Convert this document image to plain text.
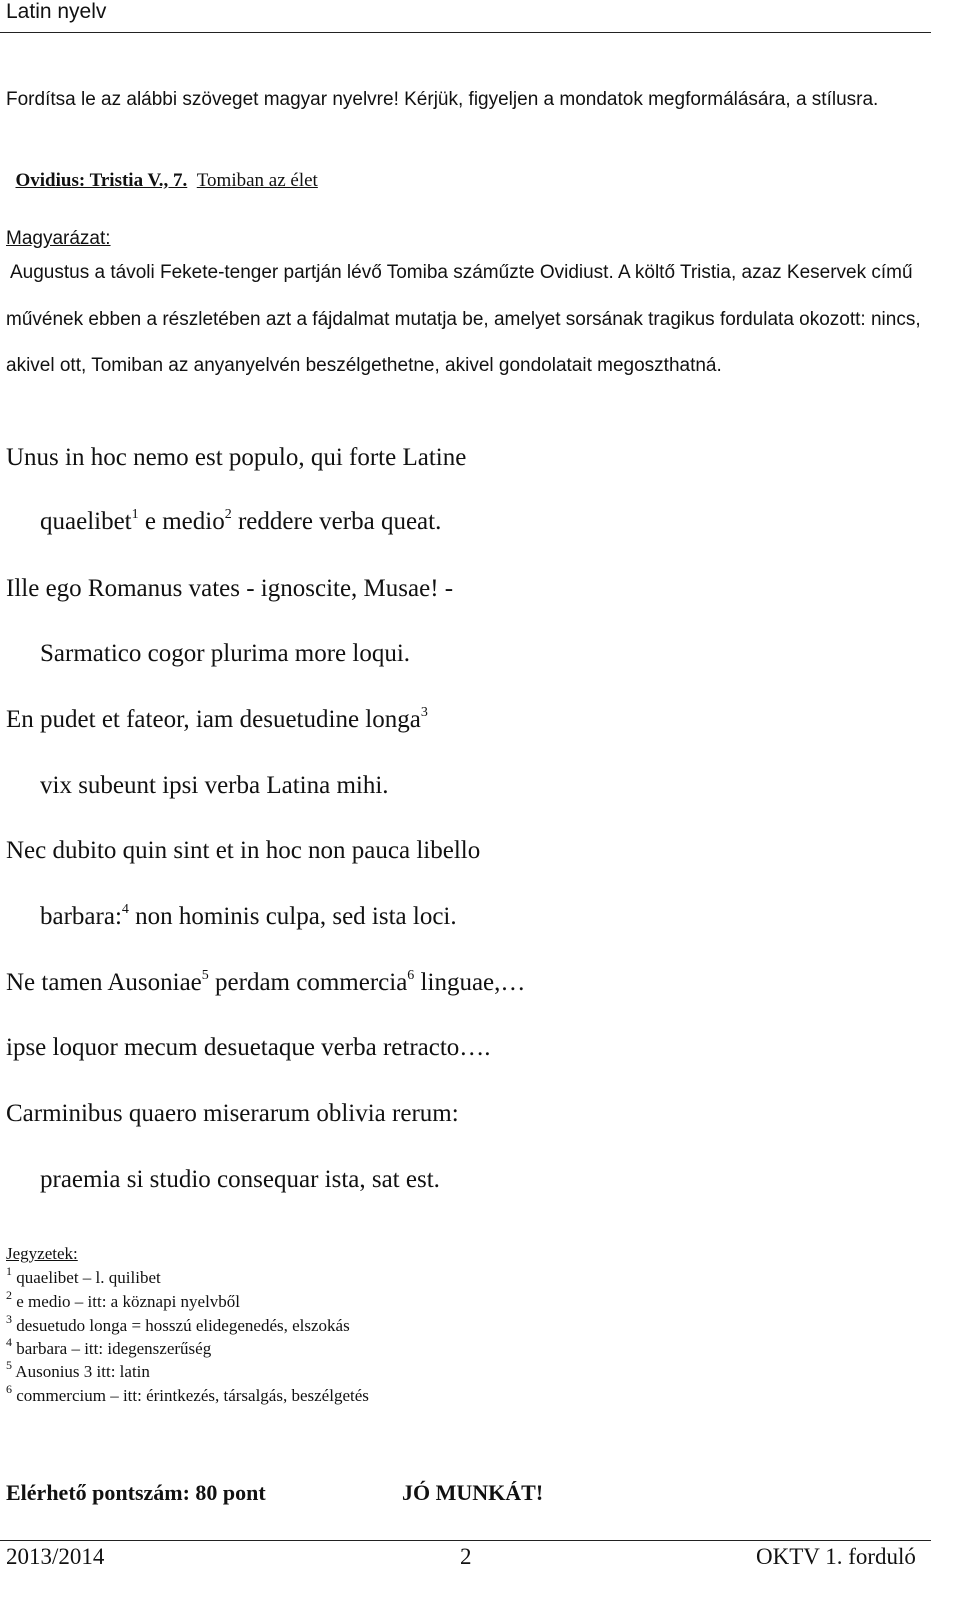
Latin nyelv
Fordítsa le az alábbi szöveget magyar nyelvre! Kérjük, figyeljen a mondatok megformálására, a stílusra.
Ovidius: Tristia V., 7. Tomiban az élet
Magyarázat:
Augustus a távoli Fekete-tenger partján lévő Tomiba száműzte Ovidiust. A költő Tristia, azaz Keservek című művének ebben a részletében azt a fájdalmat mutatja be, amelyet sorsának tragikus fordulata okozott: nincs, akivel ott, Tomiban az anyanyelvén beszélgethetne, akivel gondolatait megoszthatná.
Unus in hoc nemo est populo, qui forte Latine
quaelibet$^1$ e medio$^2$ reddere verba queat.
Ille ego Romanus vates - ignoscite, Musae! -
Sarmatico cogor plurima more loqui.
En pudet et fateor, iam desuetudine longa$^3$
vix subeunt ipsi verba Latina mihi.
Nec dubito quin sint et in hoc non pauca libello
barbara:$^4$ non hominis culpa, sed ista loci.
Ne tamen Ausoniae$^5$ perdam commercia$^6$ linguae,…
ipse loquor mecum desuetaque verba retracto….
Carminibus quaero miserarum oblivia rerum:
praemia si studio consequar ista, sat est.
Jegyzetek:
$^1$ quaelibet – l. quilibet
$^2$ e medio – itt: a köznapi nyelvből
$^3$ desuetudo longa = hosszú elidegenedés, elszokás
$^4$ barbara – itt: idegenszerűség
$^5$ Ausonius 3 itt: latin
$^6$ commercium – itt: érintkezés, társalgás, beszélgetés
Elérhető pontszám: 80 pont	JÓ MUNKÁT!
2013/2014	2	OKTV 1. forduló
